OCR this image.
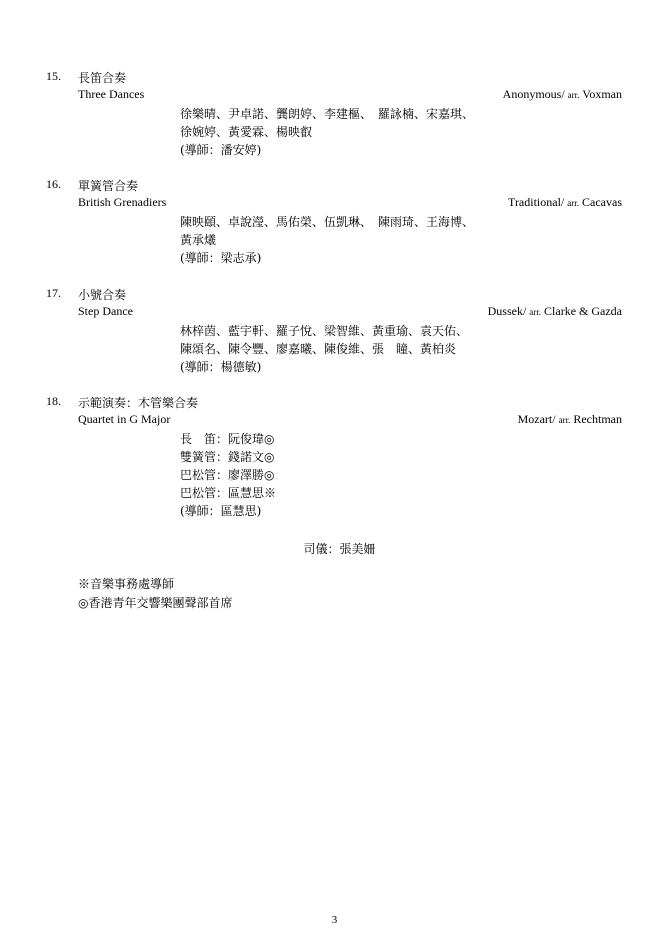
15. 長笛合奏
Three Dances	Anonymous/ arr. Voxman
徐樂晴、尹卓諾、龔朗婷、李建樞、　羅詠楠、宋嘉琪、
徐婉婷、黃愛霖、楊映叡
(導師：潘安婷)
16. 單簧管合奏
British Grenadiers	Traditional/ arr. Cacavas
陳映頤、卓說瀅、馬佑榮、伍凱琳、　陳雨琦、王海博、
黃承爔
(導師：梁志承)
17. 小號合奏
Step Dance	Dussek/ arr. Clarke & Gazda
林梓茵、藍宇軒、羅子悅、梁智維、黃重瑜、袁天佑、
陳頌名、陳令豐、廖嘉曦、陳俊維、張　瞳、黃柏炎
(導師：楊德敏)
18. 示範演奏：木管樂合奏
Quartet in G Major	Mozart/ arr. Rechtman
長　笛：阮俊瑋◎
雙簧管：錢諾文◎
巴松管：廖澤勝◎
巴松管：區慧思※
(導師：區慧思)
司儀：張美姍
※音樂事務處導師
◎香港青年交響樂團聲部首席
3
